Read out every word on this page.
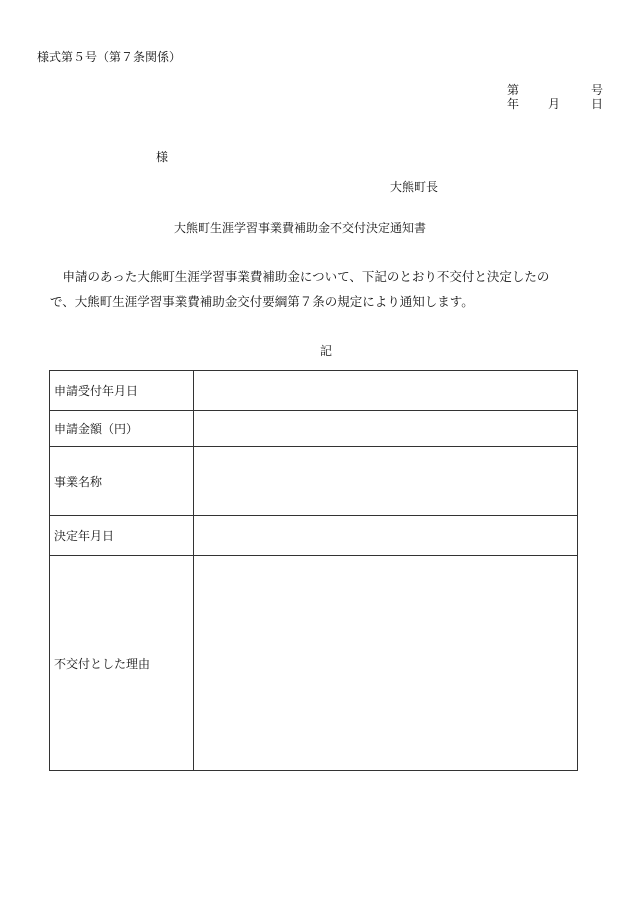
様式第５号（第７条関係）
第	号
年 月	日
様
大熊町長
大熊町生涯学習事業費補助金不交付決定通知書
　申請のあった大熊町生涯学習事業費補助金について、下記のとおり不交付と決定したの
で、大熊町生涯学習事業費補助金交付要綱第７条の規定により通知します。
記
申請受付年月日	
申請金額（円）	
事業名称	
決定年月日	
不交付とした理由	
